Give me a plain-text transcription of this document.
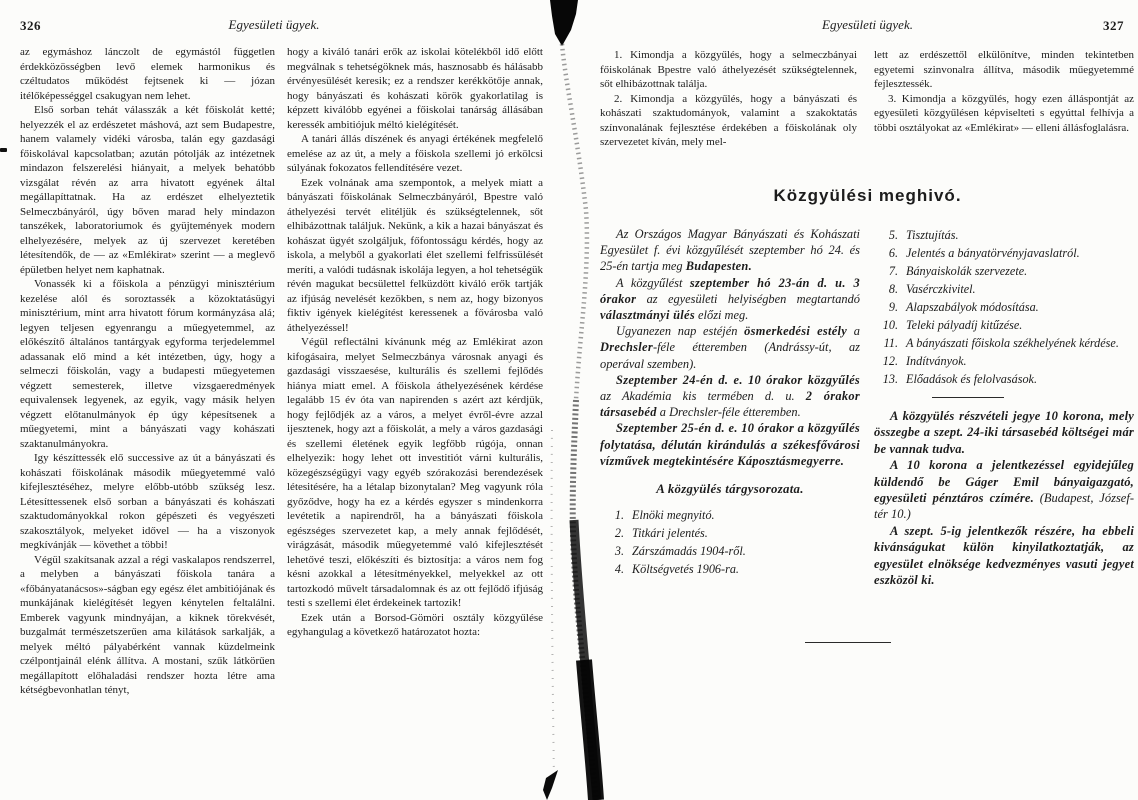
Egyesületi ügyek.
326
az egymáshoz lánczolt de egymástól független érdekközösségben levő elemek harmonikus és czéltudatos működést fejtsenek ki — józan itélőképességgel csakugyan nem lehet.
Első sorban tehát válasszák a két főiskolát ketté; helyezzék el az erdészetet máshová, azt sem Budapestre, hanem valamely vidéki városba, talán egy gazdasági főiskolával kapcsolatban; azután pótolják az intézetnek mindazon felszerelési hiányait, a melyek behatóbb vizsgálat révén az arra hivatott egyének által megállapíttatnak. Ha az erdészet elhelyeztetik Selmeczbányáról, úgy bőven marad hely mindazon tanszékek, laboratoriumok és gyüjtemények modern elhelyezésére, melyek az új szervezet keretében létesítendők, de — az «Emlékirat» szerint — a meglevő épületben helyet nem kaphatnak.
Vonassék ki a főiskola a pénzügyi minisztérium kezelése alól és soroztassék a közoktatásügyi minisztérium, mint arra hivatott fórum kormányzása alá; legyen teljesen egyenrangu a műegyetemmel, az előkészítő általános tantárgyak egyforma terjedelemmel adassanak elő mind a két intézetben, úgy, hogy a selmeczi főiskolán, vagy a budapesti műegyetemen végzett semesterek, illetve vizsgaeredmények equivalensek legyenek, az egyik, vagy másik helyen végzett előtanulmányok ép úgy képesítsenek a műegyetemi, mint a bányászati vagy kohászati szaktanulmányokra.
Igy készíttessék elő successive az út a bányászati és kohászati főiskolának második műegyetemmé való kifejlesztéséhez, melyre előbb-utóbb szükség lesz. Létesíttessenek első sorban a bányászati és kohászati szaktudományokkal rokon gépészeti és vegyészeti szakosztályok, melyeket idővel — ha a viszonyok megkívánják — követhet a többi!
Végül szakítsanak azzal a régi vaskalapos rendszerrel, a melyben a bányászati főiskola tanára a «főbányatanácsos»-ságban egy egész élet ambitiójának és munkájának kielégítését legyen kénytelen feltalálni. Emberek vagyunk mindnyájan, a kiknek törekvését, buzgalmát természetszerűen ama kilátások sarkalják, a melyek méltó pályabérként vannak küzdelmeink czélpontjainál elénk állítva. A mostani, szűk látkörűen megállapított előhaladási rendszer hozta létre ama kétségbevonhatlan tényt,
hogy a kiváló tanári erők az iskolai kötelékből idő előtt megválnak s tehetségöknek más, hasznosabb és hálásabb érvényesülését keresik; ez a rendszer kerékkötője annak, hogy bányászati és kohászati körök gyakorlatilag is képzett kiválóbb egyénei a főiskolai tanárság állásában keressék ambitiójuk méltó kielégítését.
A tanári állás díszének és anyagi értékének megfelelő emelése az az út, a mely a főiskola szellemi jó erkölcsi súlyának fokozatos fellendítésére vezet.
Ezek volnának ama szempontok, a melyek miatt a bányászati főiskolának Selmeczbányáról, Bpestre való áthelyezési tervét elitéljük és szükségtelennek, sőt elhibázottnak találjuk. Nekünk, a kik a hazai bányászat és kohászat ügyét szolgáljuk, főfontosságu kérdés, hogy az iskola, a melyből a gyakorlati élet szellemi felfrissülését meríti, a valódi tudásnak iskolája legyen, a hol tehetségük révén magukat becsülettel felküzdött kiváló erők tartják az ifjúság nevelését kezökben, s nem az, hogy bizonyos fiktiv igények kielégítést keressenek a fővárosba való áthelyezéssel!
Végül reflectálni kívánunk még az Emlékirat azon kifogásaira, melyet Selmeczbánya városnak anyagi és gazdasági visszaesése, kulturális és szellemi fejlődés hiánya miatt emel. A főiskola áthelyezésének kérdése legalább 15 év óta van napirenden s azért azt kérdjük, hogy fejlődjék az a város, a melyet évről-évre azzal ijesztenek, hogy azt a főiskolát, a mely a város gazdasági és szellemi életének egyik legfőbb rúgója, onnan elhelyezik: hogy lehet ott investitiót várni kulturális, közegészségügyi vagy egyéb szórakozási berendezések létesitésére, ha a létalap bizonytalan? Meg vagyunk róla győződve, hogy ha ez a kérdés egyszer s mindenkorra levétetik a napirendről, ha a bányászati főiskola egészséges szervezetet kap, a mely annak fejlődését, virágzását, második műegyetemmé való kifejlesztését lehetővé teszi, előkészíti és biztosítja: a város nem fog késni azokkal a létesítményekkel, melyekkel az ott tartozkodó művelt társadalomnak és az ott fejlődő ifjúság testi s szellemi élet érdekeinek tartozik!
Ezek után a Borsod-Gömöri osztály közgyűlése egyhangulag a következő határozatot hozta:
Egyesületi ügyek.	327
1. Kimondja a közgyűlés, hogy a selmeczbányai főiskolának Bpestre való áthelyezését szükségtelennek, sőt elhibázottnak találja.
2. Kimondja a közgyűlés, hogy a bányászati és kohászati szaktudományok, valamint a szakoktatás színvonalának fejlesztése érdekében a főiskolának oly szervezetet kíván, mely mel-
lett az erdészettől elkülönítve, minden tekintetben egyetemi szinvonalra állítva, második műegyetemmé fejlesztessék.
3. Kimondja a közgyűlés, hogy ezen álláspontját az egyesületi közgyűlésen képviselteti s egyúttal felhívja a többi osztályokat az «Emlékirat» — elleni állásfoglalásra.
Közgyülési meghivó.
Az Országos Magyar Bányászati és Kohászati Egyesület f. évi közgyűlését szeptember hó 24. és 25-én tartja meg Budapesten.
A közgyűlést szeptember hó 23-án d. u. 3 órakor az egyesületi helyiségben megtartandó választmányi ülés előzi meg.
Ugyanezen nap estéjén ösmerkedési estély a Drechsler-féle étteremben (Andrássy-út, az operával szemben).
Szeptember 24-én d. e. 10 órakor közgyűlés az Akadémia kis termében d. u. 2 órakor társasebéd a Drechsler-féle étteremben.
Szeptember 25-én d. e. 10 órakor a közgyűlés folytatása, délután kirándulás a székesfővárosi vízművek megtekintésére Káposztásmegyerre.
A közgyülés tárgysorozata.
1. Elnöki megnyitó.
2. Titkári jelentés.
3. Zárszámadás 1904-ről.
4. Költségvetés 1906-ra.
5. Tisztujítás.
6. Jelentés a bányatörvényjavaslatról.
7. Bányaiskolák szervezete.
8. Vasérczkivitel.
9. Alapszabályok módosítása.
10. Teleki pályadíj kitűzése.
11. A bányászati főiskola székhelyének kérdése.
12. Indítványok.
13. Előadások és felolvasások.
A közgyülés részvételi jegye 10 korona, mely összegbe a szept. 24-iki társasebéd költségei már be vannak tudva.
A 10 korona a jelentkezéssel egyidejűleg küldendő be Gáger Emil bányaigazgató, egyesületi pénztáros czímére. (Budapest, József-tér 10.)
A szept. 5-ig jelentkezők részére, ha ebbeli kivánságukat külön kinyilatkoztatják, az egyesület elnöksége kedvezményes vasuti jegyet eszközöl ki.
